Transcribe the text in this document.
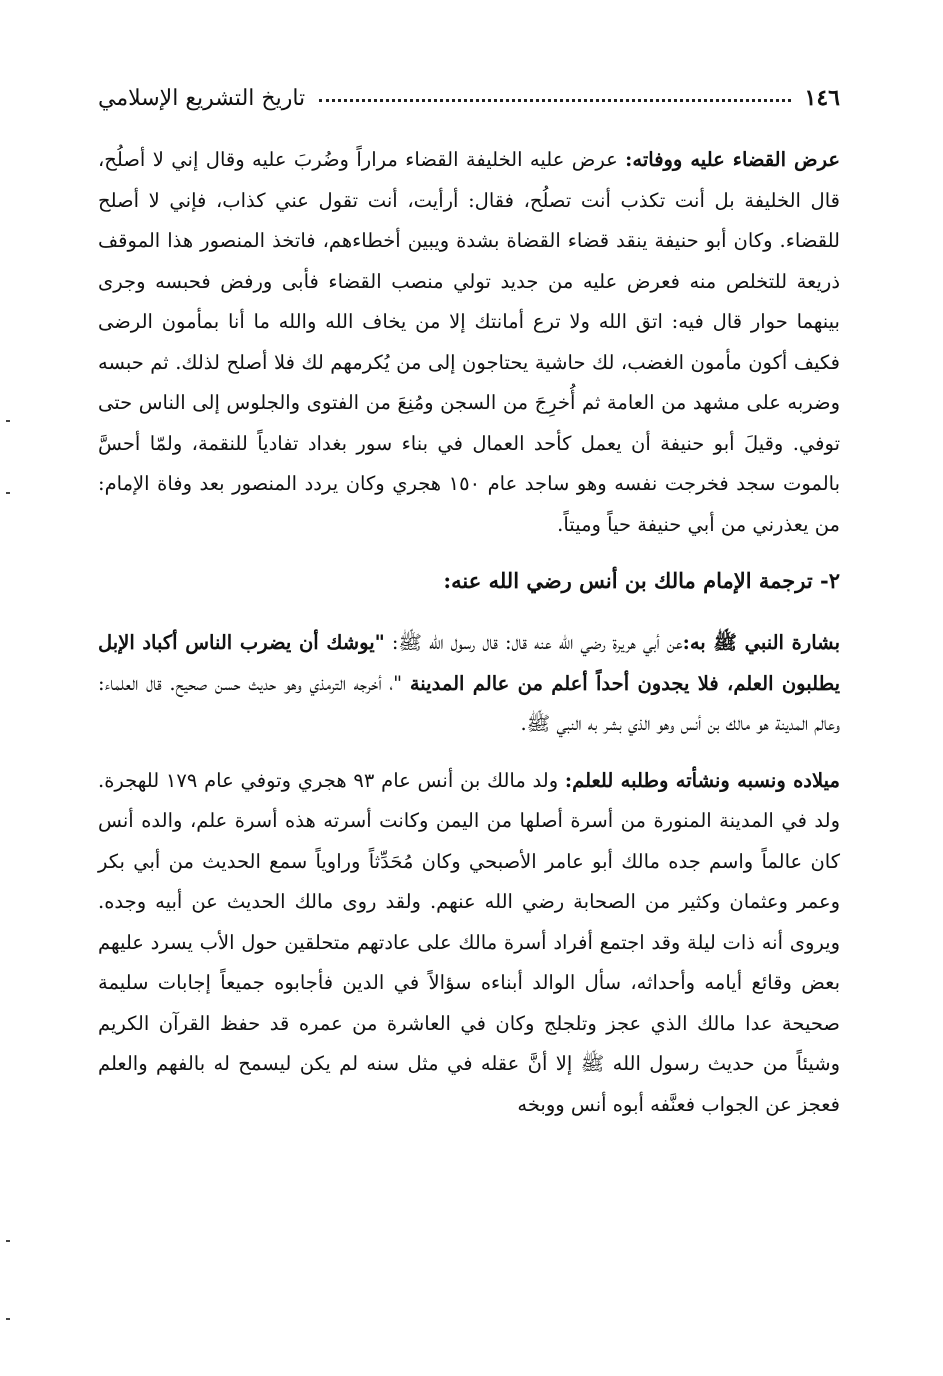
١٤٦
تاريخ التشريع الإسلامي

عرض القضاء عليه ووفاته: عرض عليه الخليفة القضاء مراراً وضُربَ عليه وقال إني لا أصلُح، قال الخليفة بل أنت تكذب أنت تصلُح، فقال: أرأيت، أنت تقول عني كذاب، فإني لا أصلح للقضاء. وكان أبو حنيفة ينقد قضاء القضاة بشدة ويبين أخطاءهم، فاتخذ المنصور هذا الموقف ذريعة للتخلص منه فعرض عليه من جديد تولي منصب القضاء فأبى ورفض فحبسه وجرى بينهما حوار قال فيه: اتق الله ولا ترع أمانتك إلا من يخاف الله والله ما أنا بمأمون الرضى فكيف أكون مأمون الغضب، لك حاشية يحتاجون إلى من يُكرمهم لك فلا أصلح لذلك. ثم حبسه وضربه على مشهد من العامة ثم أُخرِجَ من السجن ومُنِعَ من الفتوى والجلوس إلى الناس حتى توفي. وقيلَ أبو حنيفة أن يعمل كأحد العمال في بناء سور بغداد تفادياً للنقمة، ولمّا أحسَّ بالموت سجد فخرجت نفسه وهو ساجد عام ١٥٠ هجري وكان يردد المنصور بعد وفاة الإمام: من يعذرني من أبي حنيفة حياً وميتاً.

٢- ترجمة الإمام مالك بن أنس رضي الله عنه:

بشارة النبي ﷺ به:عن أبي هريرة رضي الله عنه قال: قال رسول الله ﷺ: "يوشك أن يضرب الناس أكباد الإبل يطلبون العلم، فلا يجدون أحداً أعلم من عالم المدينة "، أخرجه الترمذي وهو حديث حسن صحيح. قال العلماء: وعالم المدينة هو مالك بن أنس وهو الذي بشر به النبي ﷺ.

ميلاده ونسبه ونشأته وطلبه للعلم: ولد مالك بن أنس عام ٩٣ هجري وتوفي عام ١٧٩ للهجرة. ولد في المدينة المنورة من أسرة أصلها من اليمن وكانت أسرته هذه أسرة علم، والده أنس كان عالماً واسم جده مالك أبو عامر الأصبحي وكان مُحَدِّثاً وراوياً سمع الحديث من أبي بكر وعمر وعثمان وكثير من الصحابة رضي الله عنهم. ولقد روى مالك الحديث عن أبيه وجده. ويروى أنه ذات ليلة وقد اجتمع أفراد أسرة مالك على عادتهم متحلقين حول الأب يسرد عليهم بعض وقائع أيامه وأحداثه، سأل الوالد أبناءه سؤالاً في الدين فأجابوه جميعاً إجابات سليمة صحيحة عدا مالك الذي عجز وتلجلج وكان في العاشرة من عمره قد حفظ القرآن الكريم وشيئاً من حديث رسول الله ﷺ إلا أنَّ عقله في مثل سنه لم يكن ليسمح له بالفهم والعلم فعجز عن الجواب فعنَّفه أبوه أنس ووبخه
